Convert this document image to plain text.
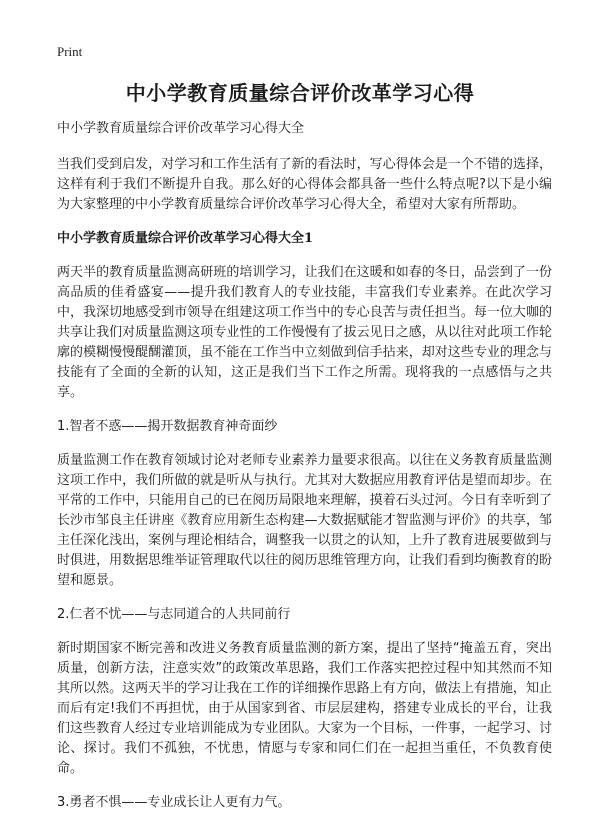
Print
中小学教育质量综合评价改革学习心得
中小学教育质量综合评价改革学习心得大全

当我们受到启发，对学习和工作生活有了新的看法时，写心得体会是一个不错的选择，这样有利于我们不断提升自我。那么好的心得体会都具备一些什么特点呢?以下是小编为大家整理的中小学教育质量综合评价改革学习心得大全，希望对大家有所帮助。

中小学教育质量综合评价改革学习心得大全1

两天半的教育质量监测高研班的培训学习，让我们在这暖和如春的冬日，品尝到了一份高品质的佳肴盛宴——提升我们教育人的专业技能，丰富我们专业素养。在此次学习中，我深切地感受到市领导在组建这项工作当中的专心良苦与责任担当。每一位大咖的共享让我们对质量监测这项专业性的工作慢慢有了拔云见日之感，从以往对此项工作轮廓的模糊慢慢醍醐灌顶，虽不能在工作当中立刻做到信手拈来，却对这些专业的理念与技能有了全面的全新的认知，这正是我们当下工作之所需。现将我的一点感悟与之共享。

1.智者不惑——揭开数据教育神奇面纱

质量监测工作在教育领域讨论对老师专业素养力量要求很高。以往在义务教育质量监测这项工作中，我们所做的就是听从与执行。尤其对大数据应用教育评估是望而却步。在平常的工作中，只能用自己的已在阅历局限地来理解，摸着石头过河。今日有幸听到了长沙市邹良主任讲座《教育应用新生态构建—大数据赋能才智监测与评价》的共享，邹主任深化浅出，案例与理论相结合，调整我一以贯之的认知，上升了教育进展要做到与时俱进，用数据思维举证管理取代以往的阅历思维管理方向，让我们看到均衡教育的盼望和愿景。

2.仁者不忧——与志同道合的人共同前行

新时期国家不断完善和改进义务教育质量监测的新方案，提出了坚持“掩盖五育，突出质量，创新方法，注意实效”的政策改革思路，我们工作落实把控过程中知其然而不知其所以然。这两天半的学习让我在工作的详细操作思路上有方向，做法上有措施，知止而后有定!我们不再担忧，由于从国家到省、市层层建构，搭建专业成长的平台，让我们这些教育人经过专业培训能成为专业团队。大家为一个目标，一件事，一起学习、讨论、探讨。我们不孤独，不忧患，情愿与专家和同仁们在一起担当重任，不负教育使命。

3.勇者不惧——专业成长让人更有力气。
